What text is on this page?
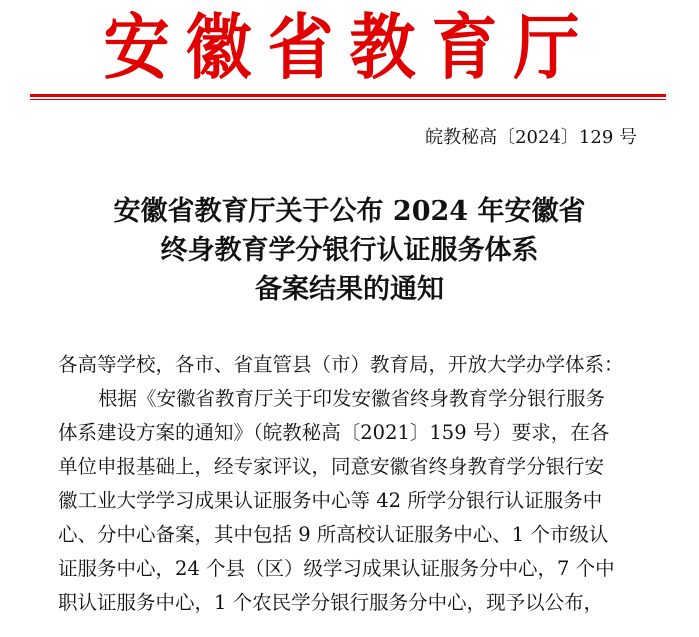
安徽省教育厅
皖教秘高〔2024〕129 号
安徽省教育厅关于公布 2024 年安徽省
终身教育学分银行认证服务体系
备案结果的通知
各高等学校，各市、省直管县（市）教育局，开放大学办学体系：
根据《安徽省教育厅关于印发安徽省终身教育学分银行服务
体系建设方案的通知》（皖教秘高〔2021〕159 号）要求，在各
单位申报基础上，经专家评议，同意安徽省终身教育学分银行安
徽工业大学学习成果认证服务中心等 42 所学分银行认证服务中
心、分中心备案，其中包括 9 所高校认证服务中心、1 个市级认
证服务中心，24 个县（区）级学习成果认证服务分中心，7 个中
职认证服务中心，1 个农民学分银行服务分中心，现予以公布，
